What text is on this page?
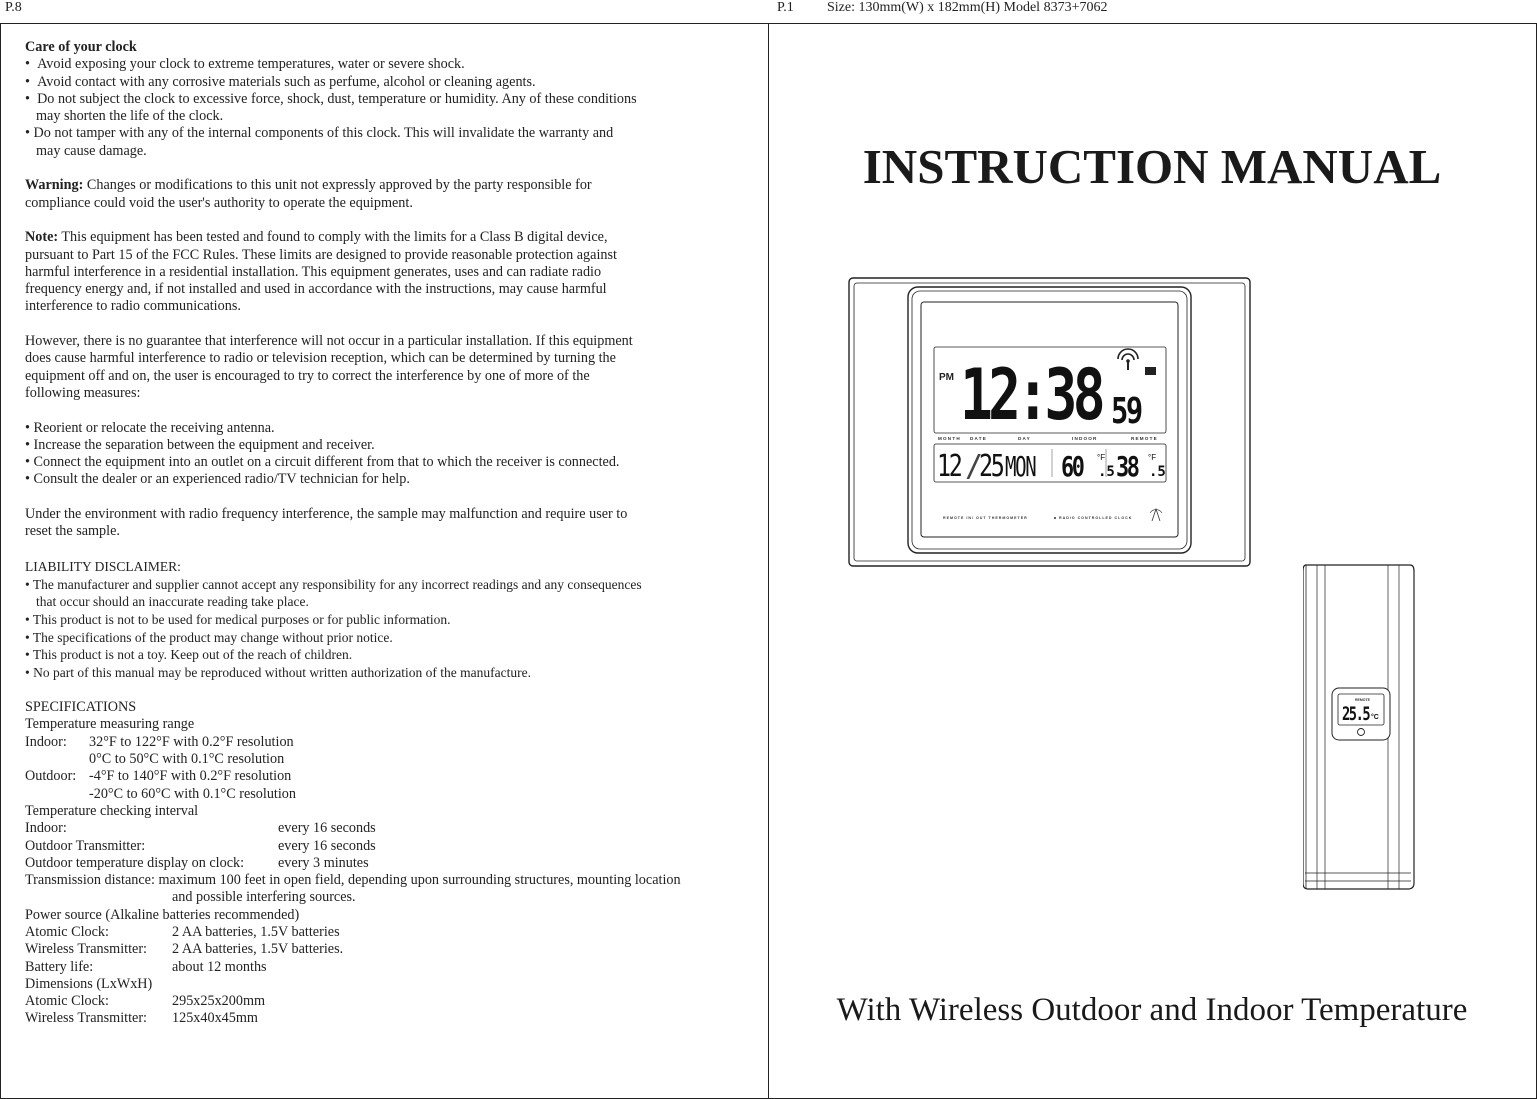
P.8	P.1 Size: 130mm(W) x 182mm(H) Model 8373+7062

Care of your clock

•  Avoid exposing your clock to extreme temperatures, water or severe shock.

•  Avoid contact with any corrosive materials such as perfume, alcohol or cleaning agents.

•  Do not subject the clock to excessive force, shock, dust, temperature or humidity. Any of these conditions

may shorten the life of the clock.

• Do not tamper with any of the internal components of this clock. This will invalidate the warranty and

may cause damage.

Warning: Changes or modifications to this unit not expressly approved by the party responsible for

compliance could void the user's authority to operate the equipment.

Note: This equipment has been tested and found to comply with the limits for a Class B digital device,

pursuant to Part 15 of the FCC Rules. These limits are designed to provide reasonable protection against

harmful interference in a residential installation. This equipment generates, uses and can radiate radio

frequency energy and, if not installed and used in accordance with the instructions, may cause harmful

interference to radio communications.

However, there is no guarantee that interference will not occur in a particular installation. If this equipment

does cause harmful interference to radio or television reception, which can be determined by turning the

equipment off and on, the user is encouraged to try to correct the interference by one of more of the

following measures:

• Reorient or relocate the receiving antenna.

• Increase the separation between the equipment and receiver.

• Connect the equipment into an outlet on a circuit different from that to which the receiver is connected.

• Consult the dealer or an experienced radio/TV technician for help.

Under the environment with radio frequency interference, the sample may malfunction and require user to

reset the sample.

LIABILITY DISCLAIMER:

• The manufacturer and supplier cannot accept any responsibility for any incorrect readings and any consequences

that occur should an inaccurate reading take place.

• This product is not to be used for medical purposes or for public information.

• The specifications of the product may change without prior notice.

• This product is not a toy. Keep out of the reach of children.

• No part of this manual may be reproduced without written authorization of the manufacture.

SPECIFICATIONS

Temperature measuring range

Indoor:	32°F to 122°F with 0.2°F resolution

0°C to 50°C with 0.1°C resolution

Outdoor: -4°F to 140°F with 0.2°F resolution

-20°C to 60°C with 0.1°C resolution

Temperature checking interval

Indoor:	every 16 seconds
Outdoor Transmitter:	every 16 seconds
Outdoor temperature display on clock:	every 3 minutes

Transmission distance: maximum 100 feet in open field, depending upon surrounding structures, mounting location

and possible interfering sources.

Power source (Alkaline batteries recommended)

Atomic Clock:	2 AA batteries, 1.5V batteries
Wireless Transmitter:	2 AA batteries, 1.5V batteries.
Battery life:	about 12 months

Dimensions (LxWxH)

Atomic Clock:	295x25x200mm
Wireless Transmitter:	125x40x45mm
INSTRUCTION MANUAL
PM 12:38 59
MONTH DATE	DAY	INDOOR	REMOTE
12 /
25 MON 60 .5
°F 38 .5
°F
REMOTE IN/ OUT THERMOMETER	RADIO CONTROLLED CLOCK
REMOTE
25.5 °C
With Wireless Outdoor and Indoor Temperature
